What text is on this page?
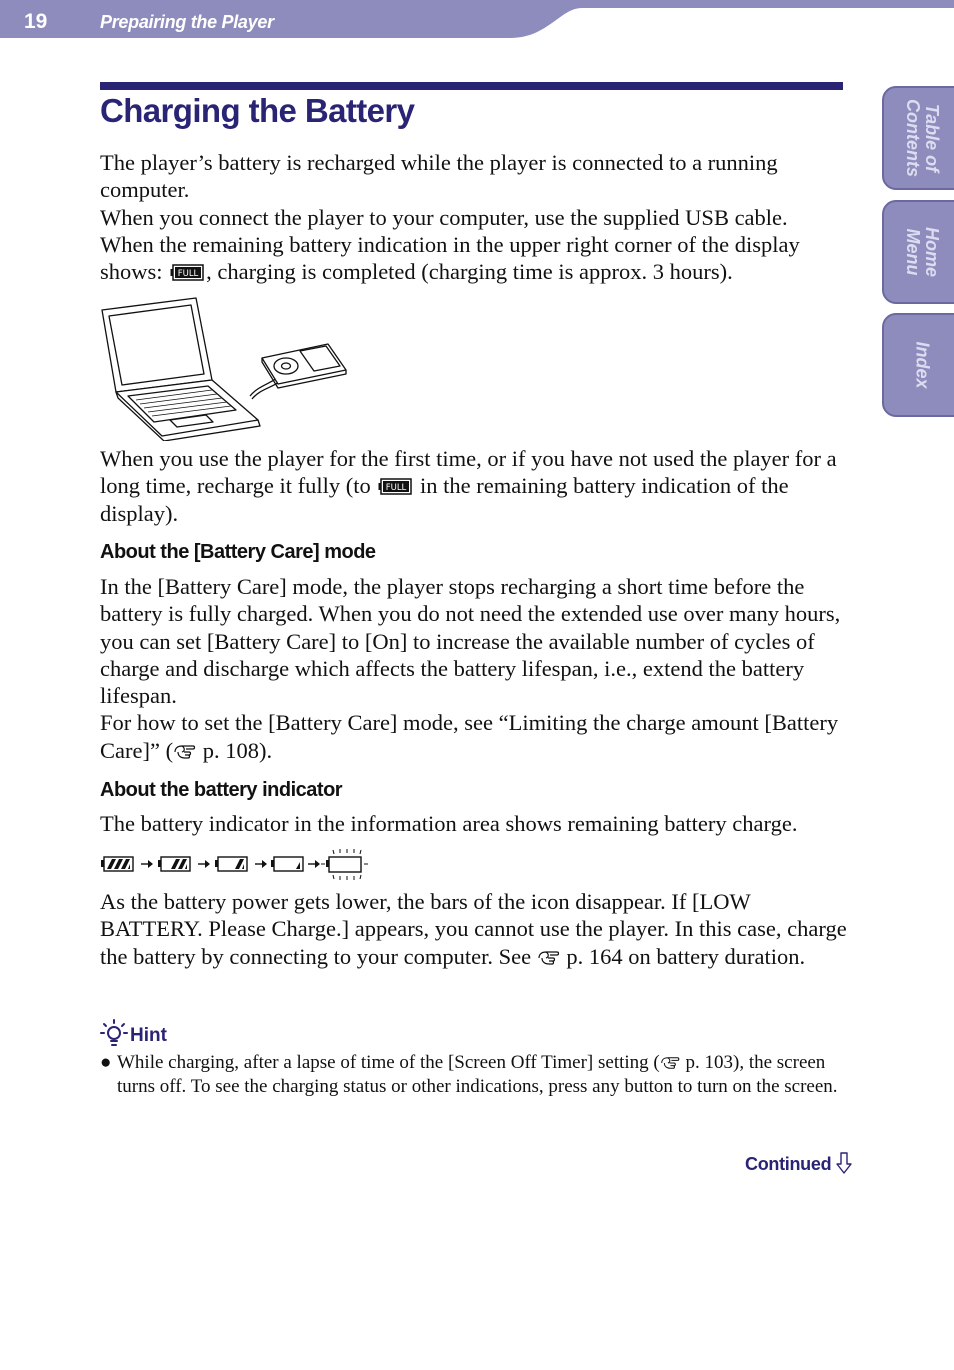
19	Prepairing the Player
Table of
Contents
Home
Menu
Index
Charging the Battery

The player’s battery is recharged while the player is connected to a running computer.
When you connect the player to your computer, use the supplied USB cable.
When the remaining battery indication in the upper right corner of the display shows: FULL , charging is completed (charging time is approx. 3 hours).

When you use the player for the first time, or if you have not used the player for a long time, recharge it fully (to FULL in the remaining battery indication of the display).

About the [Battery Care] mode

In the [Battery Care] mode, the player stops recharging a short time before the battery is fully charged. When you do not need the extended use over many hours, you can set [Battery Care] to [On] to increase the available number of cycles of charge and discharge which affects the battery lifespan, i.e., extend the battery lifespan.
For how to set the [Battery Care] mode, see “Limiting the charge amount [Battery Care]” ( p. 108).

About the battery indicator

The battery indicator in the information area shows remaining battery charge.

As the battery power gets lower, the bars of the icon disappear. If [LOW BATTERY. Please Charge.] appears, you cannot use the player. In this case, charge the battery by connecting to your computer. See  p. 164 on battery duration.

Hint

● While charging, after a lapse of time of the [Screen Off Timer] setting ( p. 103), the screen turns off. To see the charging status or other indications, press any button to turn on the screen.

Continued
